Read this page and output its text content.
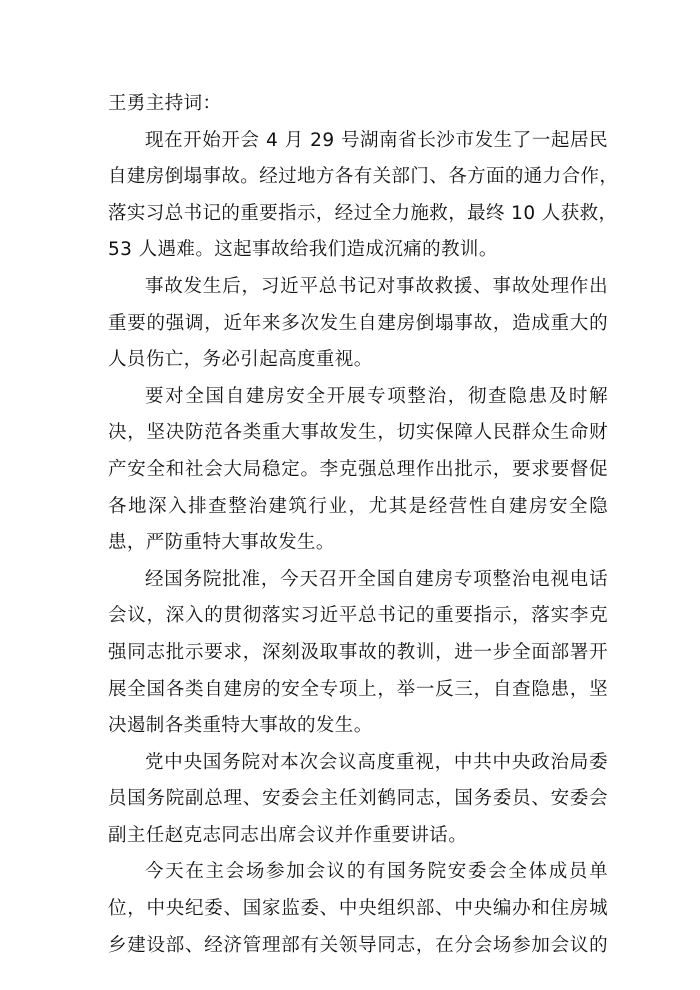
王勇主持词：
现在开始开会 4 月 29 号湖南省长沙市发生了一起居民
自建房倒塌事故。经过地方各有关部门、各方面的通力合作，
落实习总书记的重要指示，经过全力施救，最终 10 人获救，
53 人遇难。这起事故给我们造成沉痛的教训。
事故发生后，习近平总书记对事故救援、事故处理作出
重要的强调，近年来多次发生自建房倒塌事故，造成重大的
人员伤亡，务必引起高度重视。
要对全国自建房安全开展专项整治，彻查隐患及时解
决，坚决防范各类重大事故发生，切实保障人民群众生命财
产安全和社会大局稳定。李克强总理作出批示，要求要督促
各地深入排查整治建筑行业，尤其是经营性自建房安全隐
患，严防重特大事故发生。
经国务院批准，今天召开全国自建房专项整治电视电话
会议，深入的贯彻落实习近平总书记的重要指示，落实李克
强同志批示要求，深刻汲取事故的教训，进一步全面部署开
展全国各类自建房的安全专项上，举一反三，自查隐患，坚
决遏制各类重特大事故的发生。
党中央国务院对本次会议高度重视，中共中央政治局委
员国务院副总理、安委会主任刘鹤同志，国务委员、安委会
副主任赵克志同志出席会议并作重要讲话。
今天在主会场参加会议的有国务院安委会全体成员单
位，中央纪委、国家监委、中央组织部、中央编办和住房城
乡建设部、经济管理部有关领导同志，在分会场参加会议的
